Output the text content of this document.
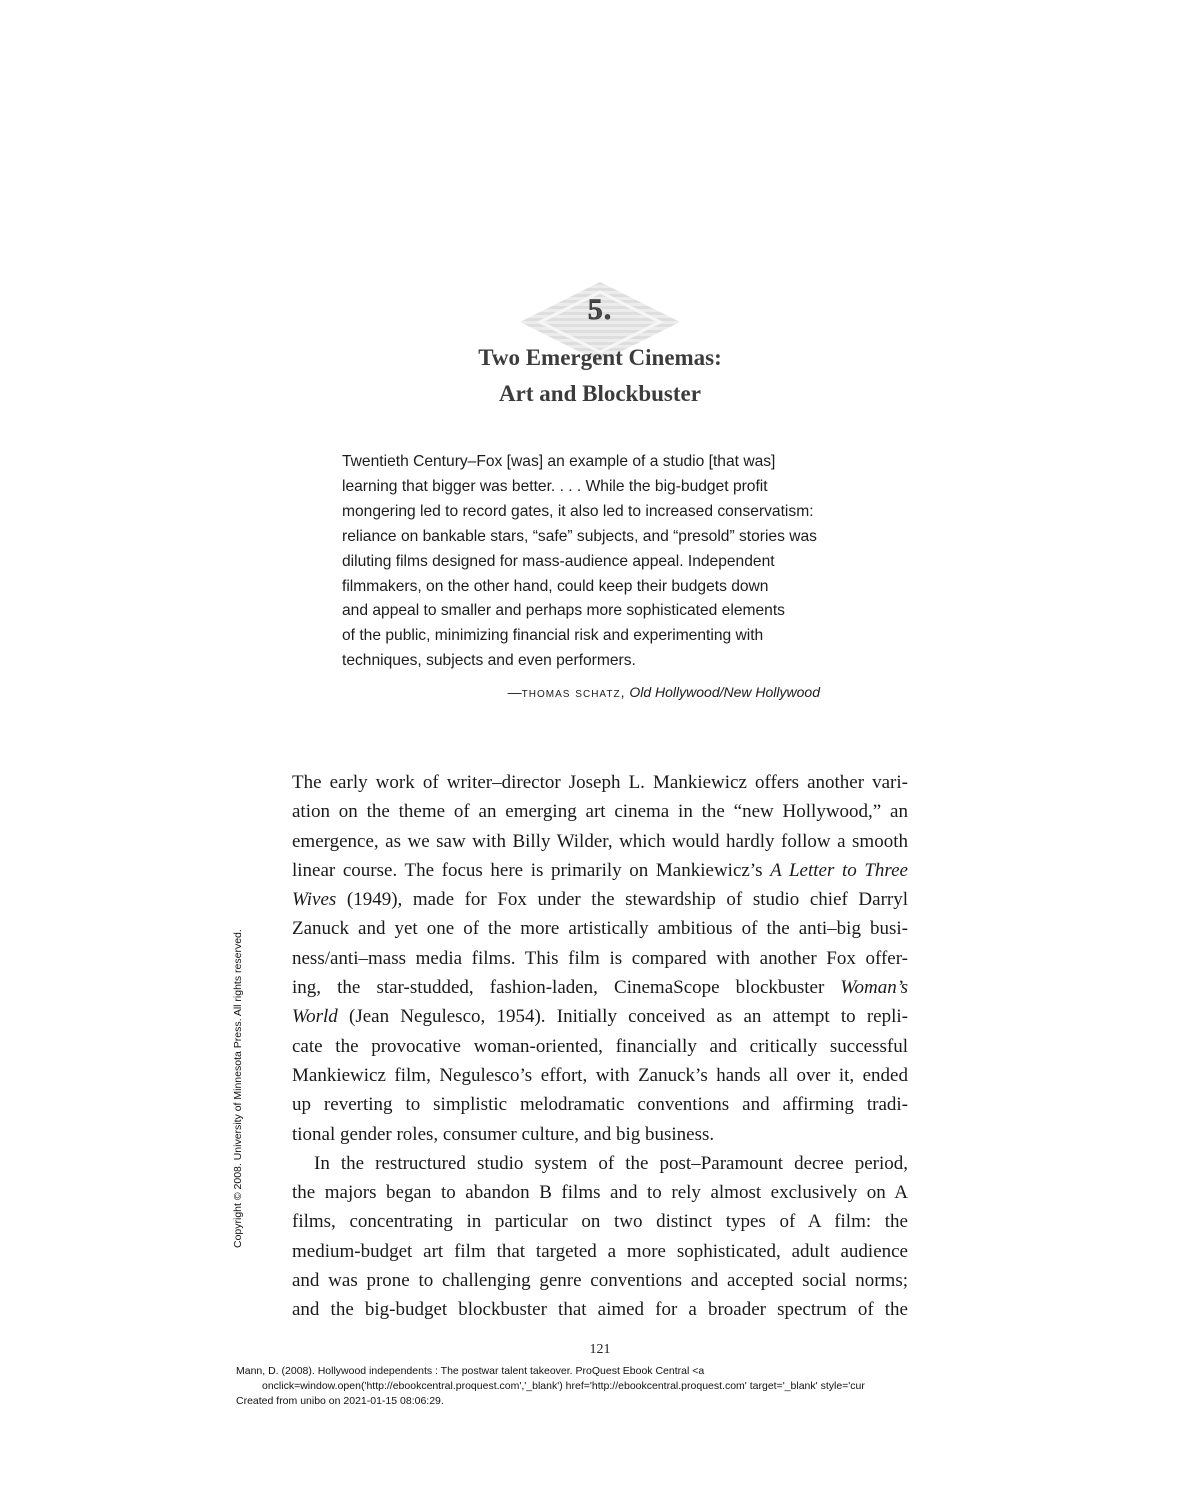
5.
Two Emergent Cinemas:
Art and Blockbuster
Twentieth Century–Fox [was] an example of a studio [that was]
learning that bigger was better. . . . While the big-budget profit
mongering led to record gates, it also led to increased conservatism:
reliance on bankable stars, “safe” subjects, and “presold” stories was
diluting films designed for mass-audience appeal. Independent
filmmakers, on the other hand, could keep their budgets down
and appeal to smaller and perhaps more sophisticated elements
of the public, minimizing financial risk and experimenting with
techniques, subjects and even performers.
—thomas schatz, Old Hollywood/New Hollywood
The early work of writer–director Joseph L. Mankiewicz offers another vari-
ation on the theme of an emerging art cinema in the “new Hollywood,” an
emergence, as we saw with Billy Wilder, which would hardly follow a smooth
linear course. The focus here is primarily on Mankiewicz’s A Letter to Three
Wives (1949), made for Fox under the stewardship of studio chief Darryl
Zanuck and yet one of the more artistically ambitious of the anti–big busi-
ness/anti–mass media films. This film is compared with another Fox offer-
ing, the star-studded, fashion-laden, CinemaScope blockbuster Woman’s
World (Jean Negulesco, 1954). Initially conceived as an attempt to repli-
cate the provocative woman-oriented, financially and critically successful
Mankiewicz film, Negulesco’s effort, with Zanuck’s hands all over it, ended
up reverting to simplistic melodramatic conventions and affirming tradi-
tional gender roles, consumer culture, and big business.
In the restructured studio system of the post–Paramount decree period,
the majors began to abandon B films and to rely almost exclusively on A
films, concentrating in particular on two distinct types of A film: the
medium-budget art film that targeted a more sophisticated, adult audience
and was prone to challenging genre conventions and accepted social norms;
and the big-budget blockbuster that aimed for a broader spectrum of the
Copyright © 2008. University of Minnesota Press. All rights reserved.
121
Mann, D. (2008). Hollywood independents : The postwar talent takeover. ProQuest Ebook Central <a
onclick=window.open('http://ebookcentral.proquest.com','_blank') href='http://ebookcentral.proquest.com' target='_blank' style='cur
Created from unibo on 2021-01-15 08:06:29.
